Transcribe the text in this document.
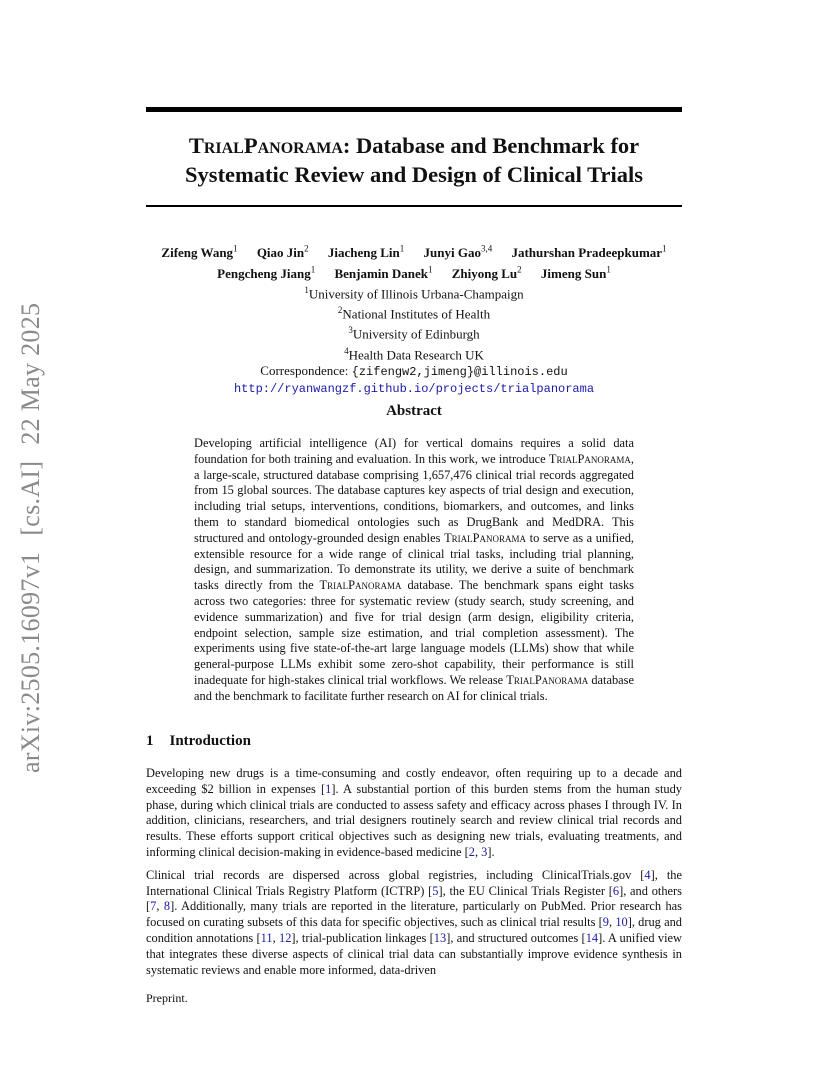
arXiv:2505.16097v1[cs.AI]22 May 2025
TrialPanorama: Database and Benchmark for
Systematic Review and Design of Clinical Trials
Zifeng Wang$^1$ Qiao Jin$^2$ Jiacheng Lin$^1$ Junyi Gao$^{3,4}$ Jathurshan Pradeepkumar$^1$
Pengcheng Jiang$^1$ Benjamin Danek$^1$ Zhiyong Lu$^2$ Jimeng Sun$^1$
$^1$University of Illinois Urbana-Champaign
$^2$National Institutes of Health
$^3$University of Edinburgh
$^4$Health Data Research UK
Correspondence: {zifengw2,jimeng}@illinois.edu
http://ryanwangzf.github.io/projects/trialpanorama
Abstract
Developing artificial intelligence (AI) for vertical domains requires a solid data foundation for both training and evaluation. In this work, we introduce TrialPanorama, a large-scale, structured database comprising 1,657,476 clinical trial records aggregated from 15 global sources. The database captures key aspects of trial design and execution, including trial setups, interventions, conditions, biomarkers, and outcomes, and links them to standard biomedical ontologies such as DrugBank and MedDRA. This structured and ontology-grounded design enables TrialPanorama to serve as a unified, extensible resource for a wide range of clinical trial tasks, including trial planning, design, and summarization. To demonstrate its utility, we derive a suite of benchmark tasks directly from the TrialPanorama database. The benchmark spans eight tasks across two categories: three for systematic review (study search, study screening, and evidence summarization) and five for trial design (arm design, eligibility criteria, endpoint selection, sample size estimation, and trial completion assessment). The experiments using five state-of-the-art large language models (LLMs) show that while general-purpose LLMs exhibit some zero-shot capability, their performance is still inadequate for high-stakes clinical trial workflows. We release TrialPanorama database and the benchmark to facilitate further research on AI for clinical trials.
1 Introduction

Developing new drugs is a time-consuming and costly endeavor, often requiring up to a decade and exceeding $2 billion in expenses [1]. A substantial portion of this burden stems from the human study phase, during which clinical trials are conducted to assess safety and efficacy across phases I through IV. In addition, clinicians, researchers, and trial designers routinely search and review clinical trial records and results. These efforts support critical objectives such as designing new trials, evaluating treatments, and informing clinical decision-making in evidence-based medicine [2, 3].

Clinical trial records are dispersed across global registries, including ClinicalTrials.gov [4], the International Clinical Trials Registry Platform (ICTRP) [5], the EU Clinical Trials Register [6], and others [7, 8]. Additionally, many trials are reported in the literature, particularly on PubMed. Prior research has focused on curating subsets of this data for specific objectives, such as clinical trial results [9, 10], drug and condition annotations [11, 12], trial-publication linkages [13], and structured outcomes [14]. A unified view that integrates these diverse aspects of clinical trial data can substantially improve evidence synthesis in systematic reviews and enable more informed, data-driven

Preprint.
